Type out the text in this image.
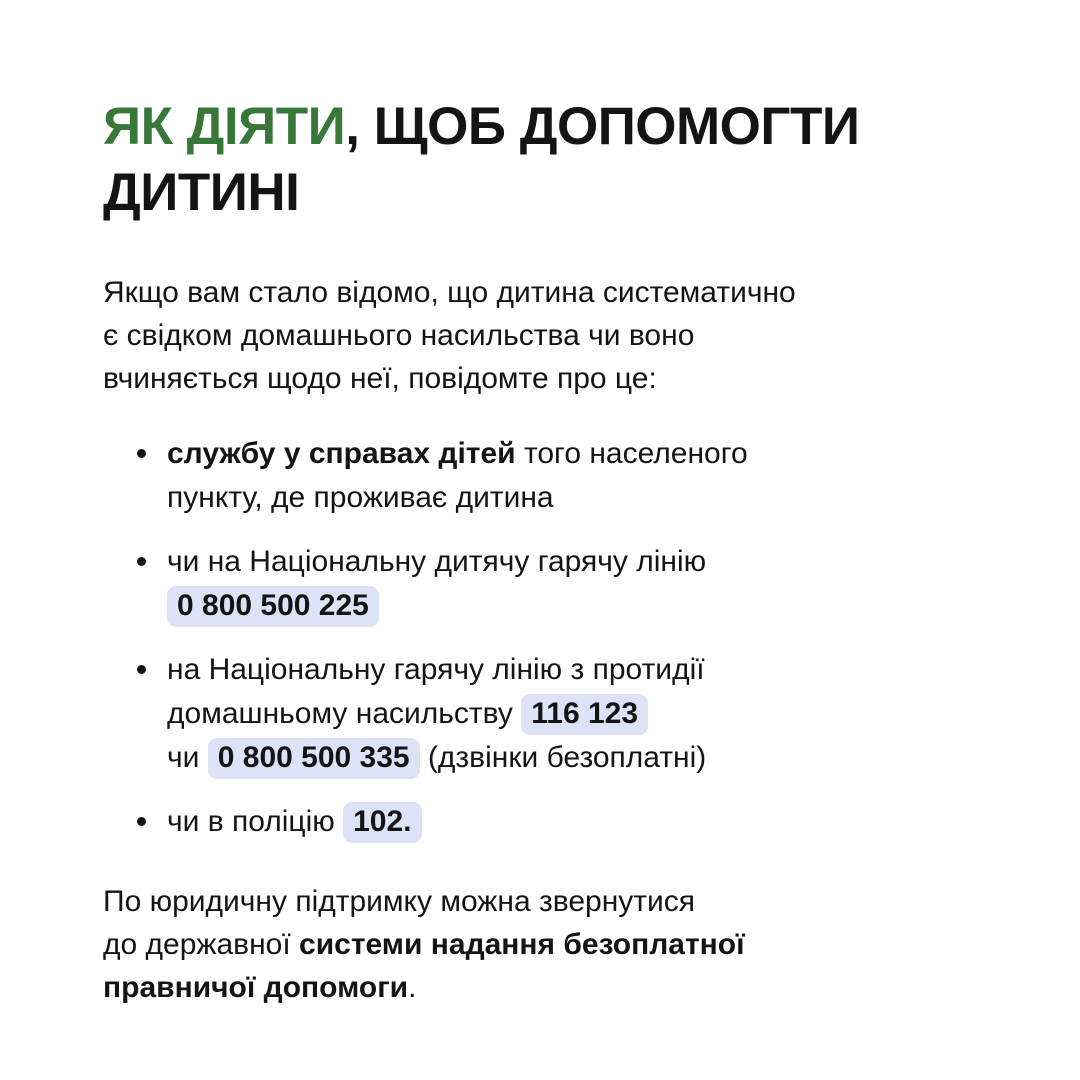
ЯК ДІЯТИ, ЩОБ ДОПОМОГТИ
ДИТИНІ

Якщо вам стало відомо, що дитина систематично
є свідком домашнього насильства чи воно
вчиняється щодо неї, повідомте про це:

службу у справах дітей того населеного
пункту, де проживає дитина
чи на Національну дитячу гарячу лінію
0 800 500 225
на Національну гарячу лінію з протидії
домашньому насильству 116 123
чи 0 800 500 335 (дзвінки безоплатні)
чи в поліцію 102.

По юридичну підтримку можна звернутися
до державної системи надання безоплатної
правничої допомоги.
